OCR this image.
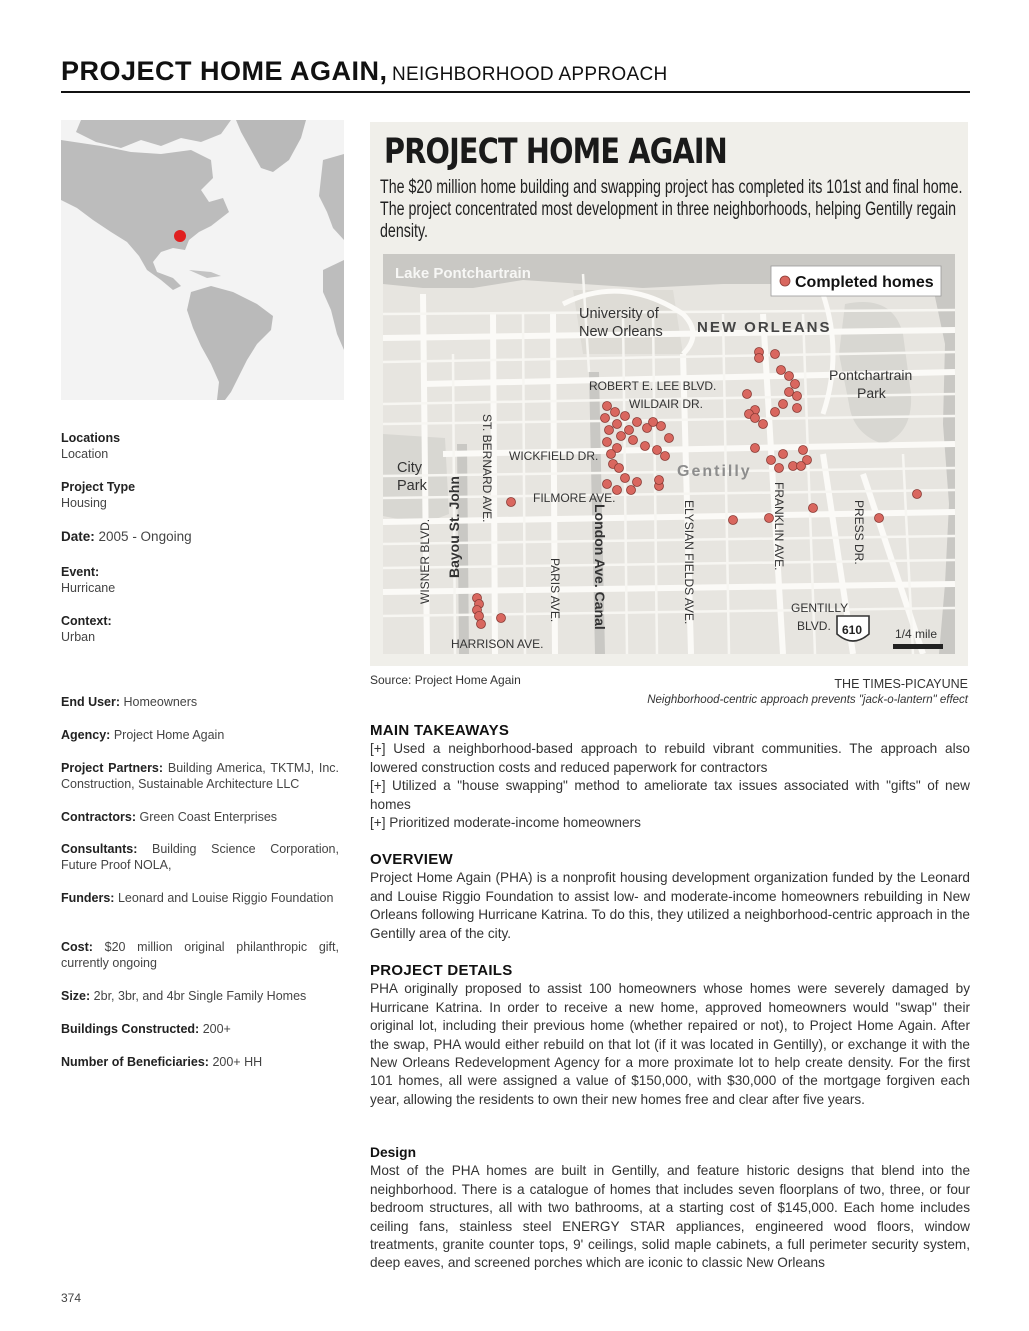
PROJECT HOME AGAIN, NEIGHBORHOOD APPROACH
Locations
Location
Project Type
Housing
Date: 2005 - Ongoing
Event:
Hurricane
Context:
Urban
End User: Homeowners
Agency: Project Home Again
Project Partners: Building America, TKTMJ, Inc. Construction, Sustainable Architecture LLC
Contractors: Green Coast Enterprises
Consultants: Building Science Corporation, Future Proof NOLA,
Funders: Leonard and Louise Riggio Foundation
Cost: $20 million original philanthropic gift, currently ongoing
Size: 2br, 3br, and 4br Single Family Homes
Buildings Constructed: 200+
Number of Beneficiaries: 200+ HH
PROJECT HOME AGAIN
The $20 million home building and swapping project has completed its 101st and final home. The project concentrated most development in three neighborhoods, helping Gentilly regain density.
Completed homes
Lake Pontchartrain
University of
New Orleans NEW ORLEANS
Pontchartrain
Park
ROBERT E. LEE BLVD.
WILDAIR DR.
WICKFIELD DR.
Gentilly
City
Park
FILMORE AVE.
GENTILLY
BLVD.
HARRISON AVE.
1/4 mile
ST. BERNARD AVE.
WISNER BLVD. Bayou St. John	London Ave. Canal	ELYSIAN FIELDS AVE.	FRANKLIN AVE.	PRESS DR.
PARIS AVE.
610
Source: Project Home Again	THE TIMES-PICAYUNE
Neighborhood-centric approach prevents "jack-o-lantern" effect
MAIN TAKEAWAYS

[+] Used a neighborhood-based approach to rebuild vibrant communities. The approach also lowered construction costs and reduced paperwork for contractors

[+] Utilized a "house swapping" method to ameliorate tax issues associated with "gifts" of new homes

[+] Prioritized moderate-income homeowners

OVERVIEW

Project Home Again (PHA) is a nonprofit housing development organization funded by the Leonard and Louise Riggio Foundation to assist low- and moderate-income homeowners rebuilding in New Orleans following Hurricane Katrina. To do this, they utilized a neighborhood-centric approach in the Gentilly area of the city.

PROJECT DETAILS

PHA originally proposed to assist 100 homeowners whose homes were severely damaged by Hurricane Katrina. In order to receive a new home, approved homeowners would "swap" their original lot, including their previous home (whether repaired or not), to Project Home Again. After the swap, PHA would either rebuild on that lot (if it was located in Gentilly), or exchange it with the New Orleans Redevelopment Agency for a more proximate lot to help create density. For the first 101 homes, all were assigned a value of $150,000, with $30,000 of the mortgage forgiven each year, allowing the residents to own their new homes free and clear after five years.

Design

Most of the PHA homes are built in Gentilly, and feature historic designs that blend into the neighborhood. There is a catalogue of homes that includes seven floorplans of two, three, or four bedroom structures, all with two bathrooms, at a starting cost of $145,000. Each home includes ceiling fans, stainless steel ENERGY STAR appliances, engineered wood floors, window treatments, granite counter tops, 9' ceilings, solid maple cabinets, a full perimeter security system, deep eaves, and screened porches which are iconic to classic New Orleans

374
